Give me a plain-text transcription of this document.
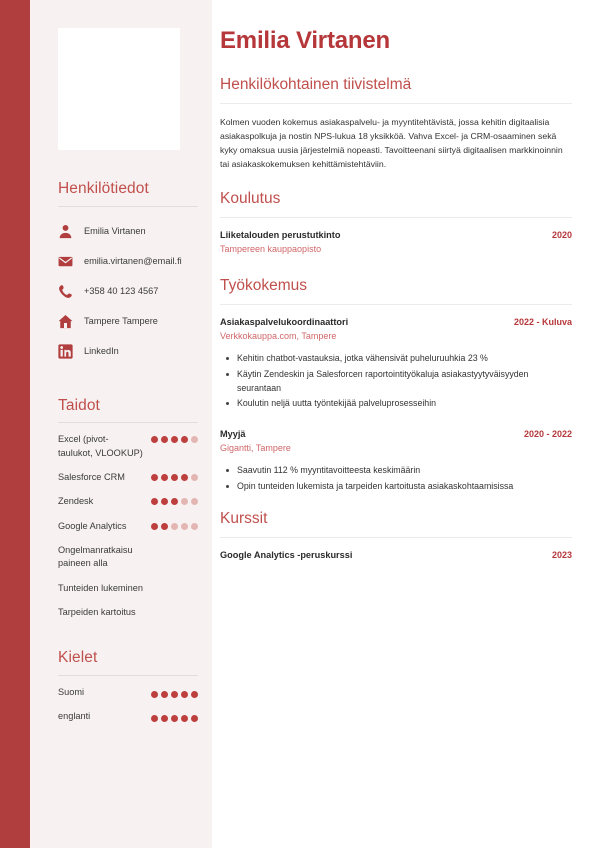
Henkilötiedot
Emilia Virtanen
emilia.virtanen@email.fi
+358 40 123 4567
Tampere Tampere
LinkedIn
Taidot
Excel (pivot-taulukot, VLOOKUP)
Salesforce CRM
Zendesk
Google Analytics
Ongelmanratkaisu paineen alla
Tunteiden lukeminen
Tarpeiden kartoitus
Kielet
Suomi
englanti
Emilia Virtanen
Henkilökohtainen tiivistelmä

Kolmen vuoden kokemus asiakaspalvelu- ja myyntitehtävistä, jossa kehitin digitaalisia asiakaspolkuja ja nostin NPS-lukua 18 yksikköä. Vahva Excel- ja CRM-osaaminen sekä kyky omaksua uusia järjestelmiä nopeasti. Tavoitteenani siirtyä digitaalisen markkinoinnin tai asiakaskokemuksen kehittämistehtäviin.

Koulutus
Liiketalouden perustutkinto	2020
Tampereen kauppaopisto
Työkokemus
Asiakaspalvelukoordinaattori	2022 - Kuluva
Verkkokauppa.com, Tampere
Kehitin chatbot-vastauksia, jotka vähensivät puheluruuhkia 23 %
Käytin Zendeskin ja Salesforcen raportointityökaluja asiakastyytyväisyyden seurantaan
Koulutin neljä uutta työntekijää palveluprosesseihin
Myyjä	2020 - 2022
Gigantti, Tampere
Saavutin 112 % myyntitavoitteesta keskimäärin
Opin tunteiden lukemista ja tarpeiden kartoitusta asiakaskohtaamisissa
Kurssit
Google Analytics -peruskurssi	2023
